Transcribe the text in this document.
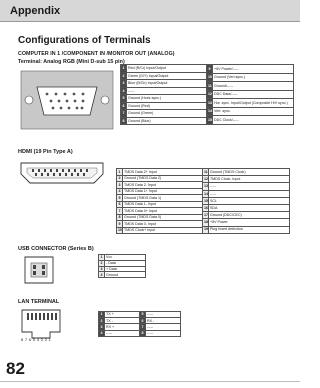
Appendix
Configurations of Terminals
COMPUTER IN 1 /COMPONENT IN /MONITOR OUT (ANALOG)
Terminal: Analog RGB (Mini D-sub 15 pin)
1	Red (R/Cr) Input/Output
2	Green (G/Y) Input/Output
3	Blue (B/Cb) Input/Output
4	-----
5	Ground (Horiz.sync.)
6	Ground (Red)
7	Ground (Green)
8	Ground (Blue)
9	+5V Power/-----
10	Ground (Vert.sync.)
11	Ground/-----
12	DDC Data/-----
13	Hor. sync. Input/Output (Composite H/V sync.)
14	Vert. sync.
15	DDC Clock/-----
HDMI (19 Pin Type A)
1	TMDS Data 2+ Input
2	Ground (TMDS Data 2)
3	TMDS Data 2- Input
4	TMDS Data 1+ Input
5	Ground (TMDS Data 1)
6	TMDS Data 1- Input
7	TMDS Data 0+ Input
8	Ground (TMDS Data 0)
9	TMDS Data 0- Input
10	TMDS Clock+ Input
11	Ground (TMDS Clock)
12	TMDS Clock- Input
13	-----
14	-----
15	SCL
16	SDA
17	Ground (DDC/CEC)
18	+5V Power
19	Plug Insert detection
USB CONNECTOR (Series B)
1	Vcc
2	- Data
3	+ Data
4	Ground
LAN TERMINAL
8 7 6 5 4 3 2 1
1	TX +
2	TX -
3	RX +
4	-----
5	-----
6	RX -
7	-----
8	-----
82
